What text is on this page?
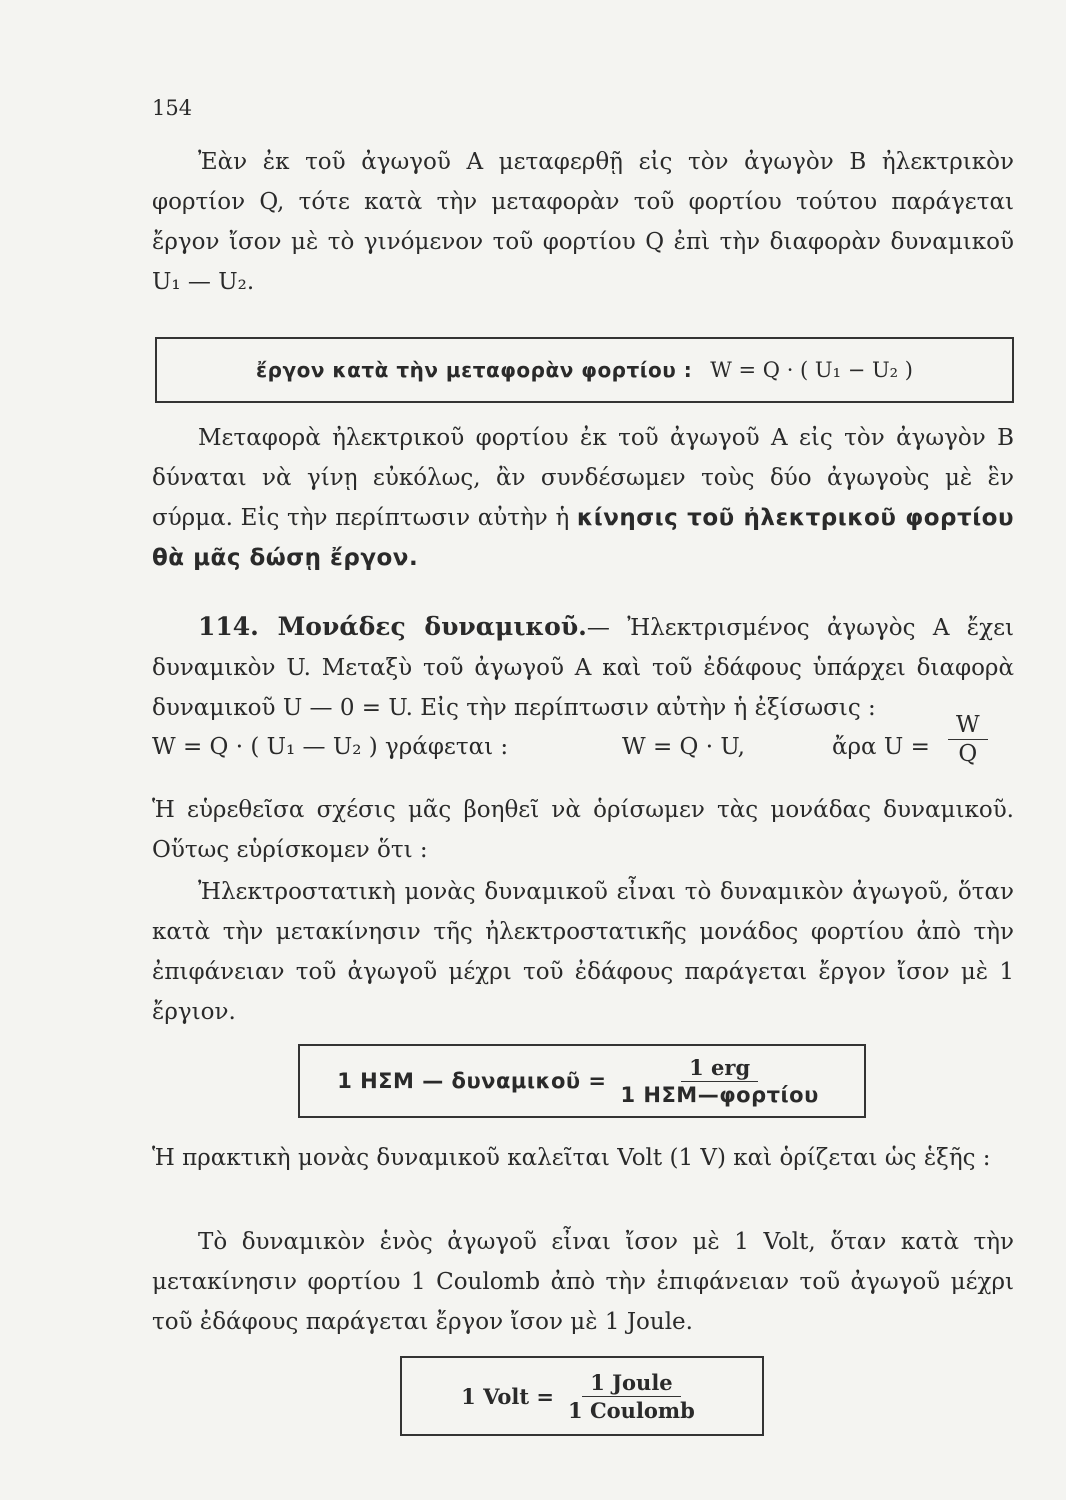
154
Ἐὰν ἐκ τοῦ ἀγωγοῦ Α μεταφερθῇ εἰς τὸν ἀγωγὸν Β ἠλεκτρικὸν φορτίον Q, τότε κατὰ τὴν μεταφορὰν τοῦ φορτίου τούτου παράγεται ἔργον ἴσον μὲ τὸ γινόμενον τοῦ φορτίου Q ἐπὶ τὴν διαφορὰν δυναμικοῦ U₁ — U₂.
ἔργον κατὰ τὴν μεταφορὰν φορτίου : W = Q · ( U₁ − U₂ )
Μεταφορὰ ἠλεκτρικοῦ φορτίου ἐκ τοῦ ἀγωγοῦ Α εἰς τὸν ἀγωγὸν Β δύναται νὰ γίνῃ εὐκόλως, ἂν συνδέσωμεν τοὺς δύο ἀγωγοὺς μὲ ἓν σύρμα. Εἰς τὴν περίπτωσιν αὐτὴν ἡ κίνησις τοῦ ἠλεκτρικοῦ φορτίου θὰ μᾶς δώσῃ ἔργον.
114. Μονάδες δυναμικοῦ.— Ἠλεκτρισμένος ἀγωγὸς Α ἔχει δυναμικὸν U. Μεταξὺ τοῦ ἀγωγοῦ Α καὶ τοῦ ἐδάφους ὑπάρχει διαφορὰ δυναμικοῦ U — 0 = U. Εἰς τὴν περίπτωσιν αὐτὴν ἡ ἐξίσωσις :
W = Q · ( U₁ — U₂ ) γράφεται :	W = Q · U,	ἄρα $U = \frac{W}{Q}$
Ἡ εὑρεθεῖσα σχέσις μᾶς βοηθεῖ νὰ ὁρίσωμεν τὰς μονάδας δυναμικοῦ. Οὕτως εὑρίσκομεν ὅτι :
Ἠλεκτροστατικὴ μονὰς δυναμικοῦ εἶναι τὸ δυναμικὸν ἀγωγοῦ, ὅταν κατὰ τὴν μετακίνησιν τῆς ἠλεκτροστατικῆς μονάδος φορτίου ἀπὸ τὴν ἐπιφάνειαν τοῦ ἀγωγοῦ μέχρι τοῦ ἐδάφους παράγεται ἔργον ἴσον μὲ 1 ἔργιον.
1 ΗΣΜ — δυναμικοῦ = $\frac{\text{1 erg}}{\text{1 ΗΣΜ—φορτίου}}$
Ἡ πρακτικὴ μονὰς δυναμικοῦ καλεῖται Volt (1 V) καὶ ὁρίζεται ὡς ἑξῆς :
Τὸ δυναμικὸν ἑνὸς ἀγωγοῦ εἶναι ἴσον μὲ 1 Volt, ὅταν κατὰ τὴν μετακίνησιν φορτίου 1 Coulomb ἀπὸ τὴν ἐπιφάνειαν τοῦ ἀγωγοῦ μέχρι τοῦ ἐδάφους παράγεται ἔργον ἴσον μὲ 1 Joule.
1 Volt = $\frac{\text{1 Joule}}{\text{1 Coulomb}}$
